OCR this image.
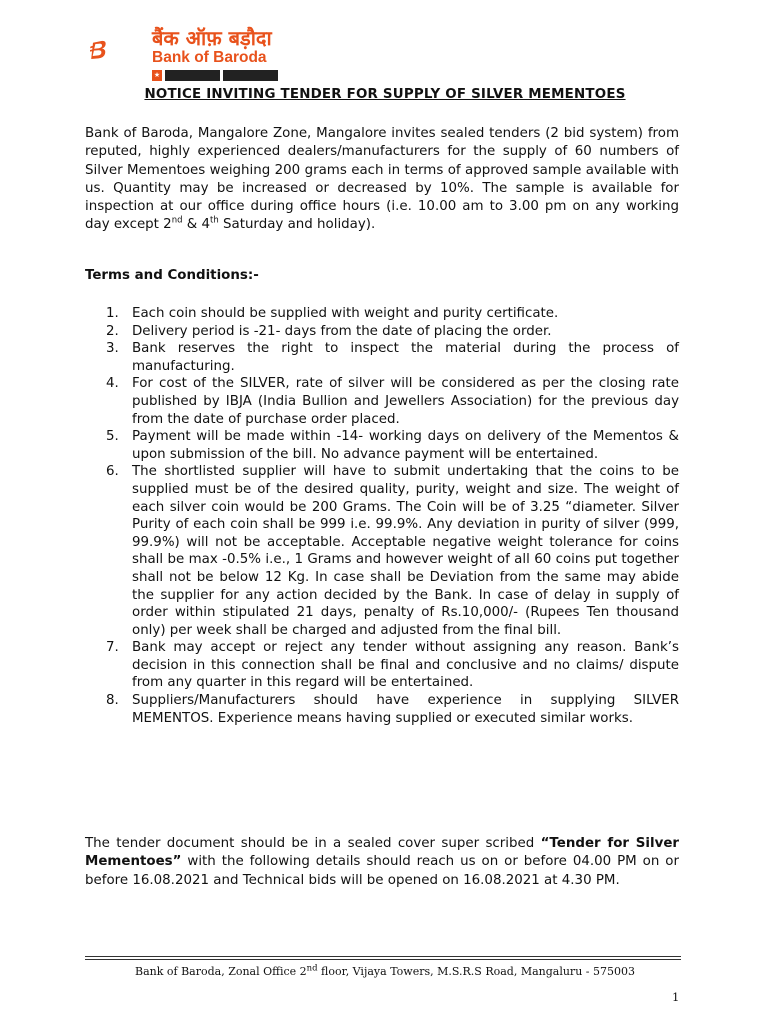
बैंक ऑफ़ बड़ौदा
Bank of Baroda
★
NOTICE INVITING TENDER FOR SUPPLY OF SILVER MEMENTOES

Bank of Baroda, Mangalore Zone, Mangalore invites sealed tenders (2 bid system) from reputed, highly experienced dealers/manufacturers for the supply of 60 numbers of Silver Mementoes weighing 200 grams each in terms of approved sample available with us. Quantity may be increased or decreased by 10%. The sample is available for inspection at our office during office hours (i.e. 10.00 am to 3.00 pm on any working day except 2nd & 4th Saturday and holiday).

Terms and Conditions:-
1. Each coin should be supplied with weight and purity certificate.
2. Delivery period is -21- days from the date of placing the order.
3. Bank reserves the right to inspect the material during the process of manufacturing.
4. For cost of the SILVER, rate of silver will be considered as per the closing rate published by IBJA (India Bullion and Jewellers Association) for the previous day from the date of purchase order placed.
5. Payment will be made within -14- working days on delivery of the Mementos & upon submission of the bill. No advance payment will be entertained.
6. The shortlisted supplier will have to submit undertaking that the coins to be supplied must be of the desired quality, purity, weight and size. The weight of each silver coin would be 200 Grams. The Coin will be of 3.25 “diameter. Silver Purity of each coin shall be 999 i.e. 99.9%. Any deviation in purity of silver (999, 99.9%) will not be acceptable. Acceptable negative weight tolerance for coins shall be max -0.5% i.e., 1 Grams and however weight of all 60 coins put together shall not be below 12 Kg. In case shall be Deviation from the same may abide the supplier for any action decided by the Bank. In case of delay in supply of order within stipulated 21 days, penalty of Rs.10,000/- (Rupees Ten thousand only) per week shall be charged and adjusted from the final bill.
7. Bank may accept or reject any tender without assigning any reason. Bank’s decision in this connection shall be final and conclusive and no claims/ dispute from any quarter in this regard will be entertained.
8. Suppliers/Manufacturers should have experience in supplying SILVER MEMENTOS. Experience means having supplied or executed similar works.

The tender document should be in a sealed cover super scribed “Tender for Silver Mementoes” with the following details should reach us on or before 04.00 PM on or before 16.08.2021 and Technical bids will be opened on 16.08.2021 at 4.30 PM.

Bank of Baroda, Zonal Office 2nd floor, Vijaya Towers, M.S.R.S Road, Mangaluru - 575003
1
